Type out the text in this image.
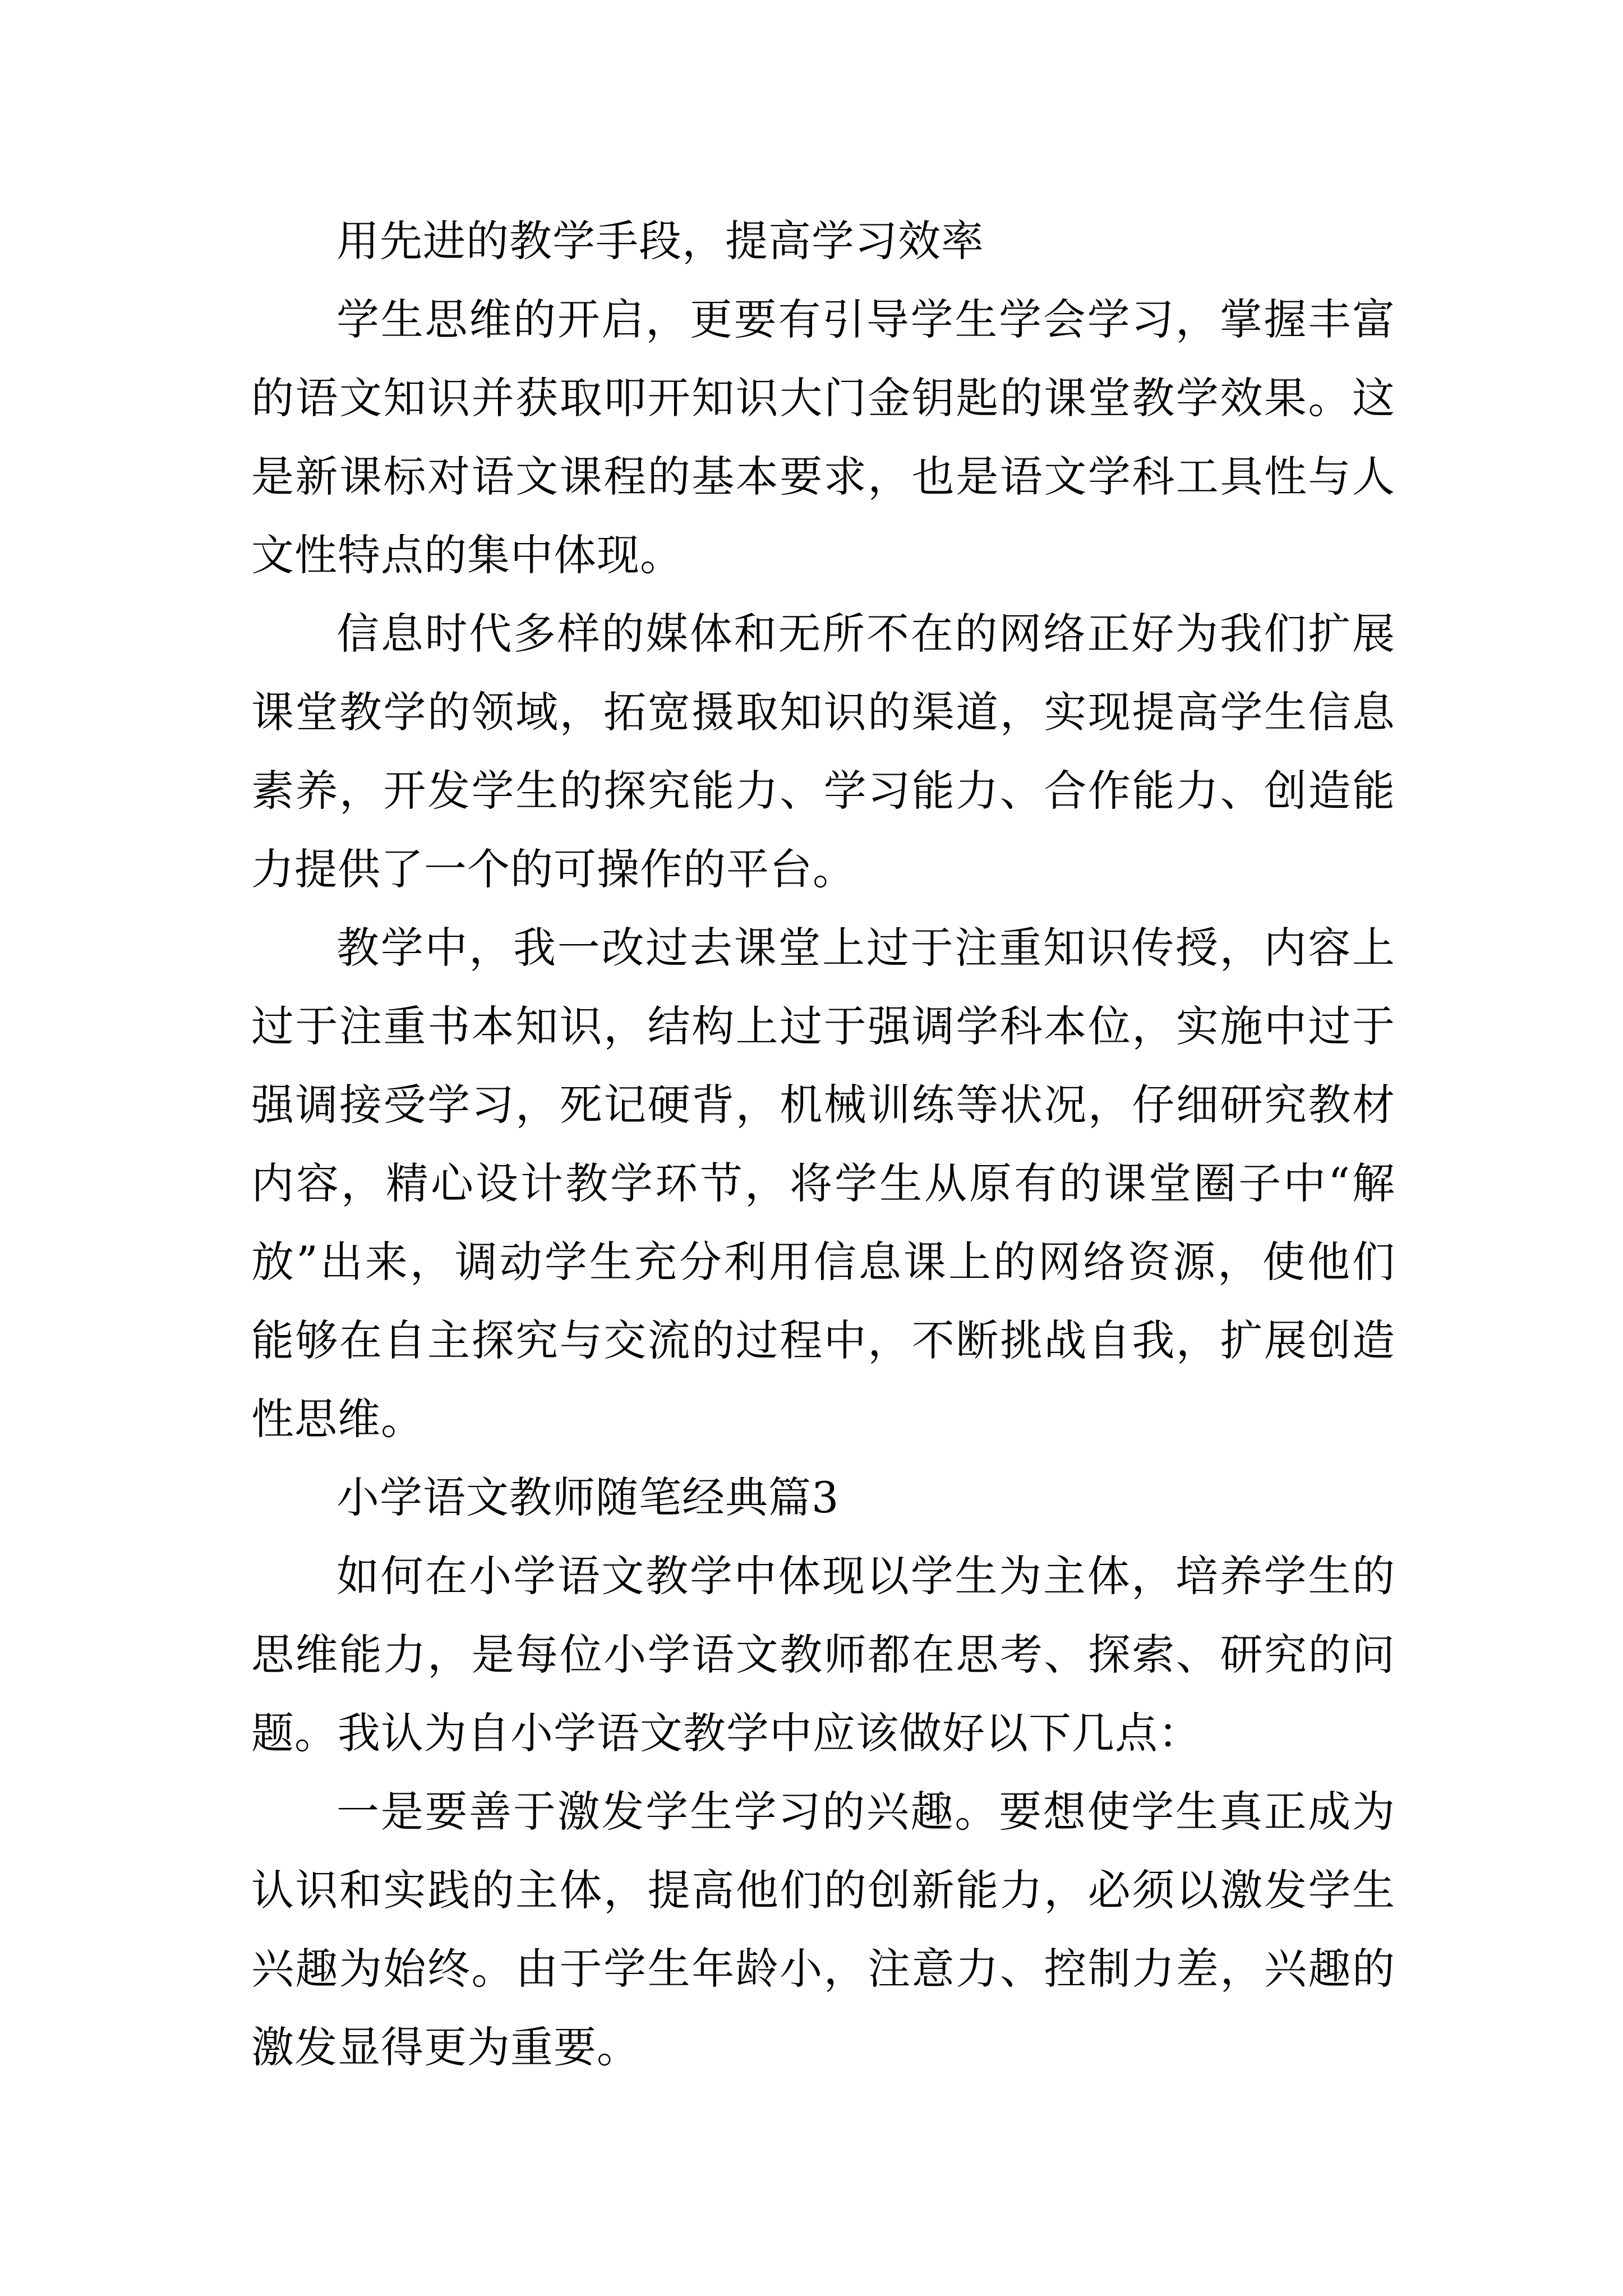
用先进的教学手段，提高学习效率

学生思维的开启，更要有引导学生学会学习，掌握丰富的语文知识并获取叩开知识大门金钥匙的课堂教学效果。这是新课标对语文课程的基本要求，也是语文学科工具性与人文性特点的集中体现。

信息时代多样的媒体和无所不在的网络正好为我们扩展课堂教学的领域，拓宽摄取知识的渠道，实现提高学生信息素养，开发学生的探究能力、学习能力、合作能力、创造能力提供了一个的可操作的平台。

教学中，我一改过去课堂上过于注重知识传授，内容上过于注重书本知识，结构上过于强调学科本位，实施中过于强调接受学习，死记硬背，机械训练等状况，仔细研究教材内容，精心设计教学环节，将学生从原有的课堂圈子中“解放”出来，调动学生充分利用信息课上的网络资源，使他们能够在自主探究与交流的过程中，不断挑战自我，扩展创造性思维。

小学语文教师随笔经典篇3

如何在小学语文教学中体现以学生为主体，培养学生的思维能力，是每位小学语文教师都在思考、探索、研究的问题。我认为自小学语文教学中应该做好以下几点：

一是要善于激发学生学习的兴趣。要想使学生真正成为认识和实践的主体，提高他们的创新能力，必须以激发学生兴趣为始终。由于学生年龄小，注意力、控制力差，兴趣的激发显得更为重要。
